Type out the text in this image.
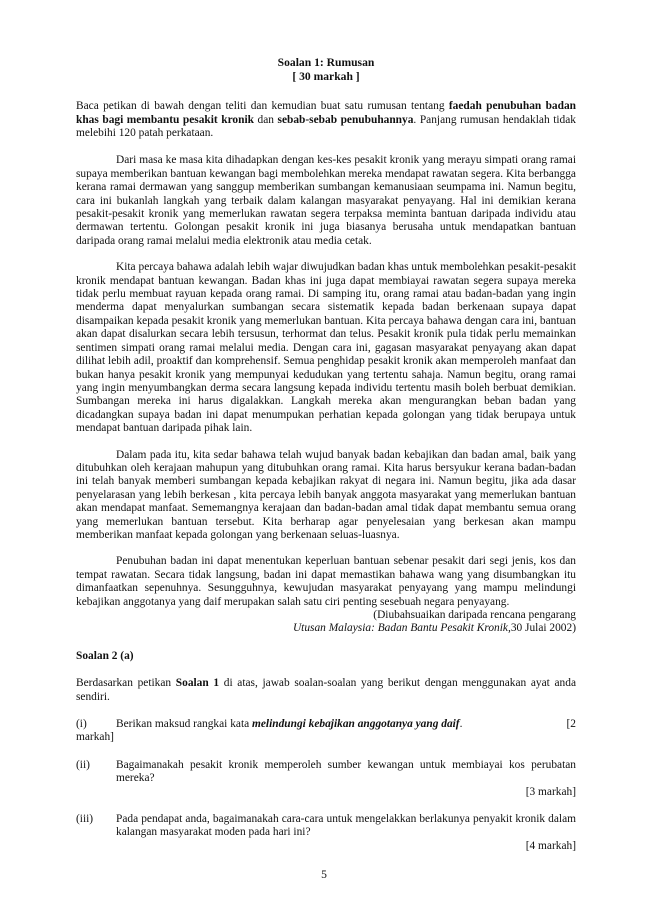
Soalan 1: Rumusan
[ 30 markah ]

Baca petikan di bawah dengan teliti dan kemudian buat satu rumusan tentang faedah penubuhan badan khas bagi membantu pesakit kronik dan sebab-sebab penubuhannya. Panjang rumusan hendaklah tidak melebihi 120 patah perkataan.

Dari masa ke masa kita dihadapkan dengan kes-kes pesakit kronik yang merayu simpati orang ramai supaya memberikan bantuan kewangan bagi membolehkan mereka mendapat rawatan segera. Kita berbangga kerana ramai dermawan yang sanggup memberikan sumbangan kemanusiaan seumpama ini. Namun begitu, cara ini bukanlah langkah yang terbaik dalam kalangan masyarakat penyayang. Hal ini demikian kerana pesakit-pesakit kronik yang memerlukan rawatan segera terpaksa meminta bantuan daripada individu atau dermawan tertentu. Golongan pesakit kronik ini juga biasanya berusaha untuk mendapatkan bantuan daripada orang ramai melalui media elektronik atau media cetak.

Kita percaya bahawa adalah lebih wajar diwujudkan badan khas untuk membolehkan pesakit-pesakit kronik mendapat bantuan kewangan. Badan khas ini juga dapat membiayai rawatan segera supaya mereka tidak perlu membuat rayuan kepada orang ramai. Di samping itu, orang ramai atau badan-badan yang ingin menderma dapat menyalurkan sumbangan secara sistematik kepada badan berkenaan supaya dapat disampaikan kepada pesakit kronik yang memerlukan bantuan. Kita percaya bahawa dengan cara ini, bantuan akan dapat disalurkan secara lebih tersusun, terhormat dan telus. Pesakit kronik pula tidak perlu memainkan sentimen simpati orang ramai melalui media. Dengan cara ini, gagasan masyarakat penyayang akan dapat dilihat lebih adil, proaktif dan komprehensif. Semua penghidap pesakit kronik akan memperoleh manfaat dan bukan hanya pesakit kronik yang mempunyai kedudukan yang tertentu sahaja. Namun begitu, orang ramai yang ingin menyumbangkan derma secara langsung kepada individu tertentu masih boleh berbuat demikian. Sumbangan mereka ini harus digalakkan. Langkah mereka akan mengurangkan beban badan yang dicadangkan supaya badan ini dapat menumpukan perhatian kepada golongan yang tidak berupaya untuk mendapat bantuan daripada pihak lain.

Dalam pada itu, kita sedar bahawa telah wujud banyak badan kebajikan dan badan amal, baik yang ditubuhkan oleh kerajaan mahupun yang ditubuhkan orang ramai. Kita harus bersyukur kerana badan-badan ini telah banyak memberi sumbangan kepada kebajikan rakyat di negara ini. Namun begitu, jika ada dasar penyelarasan yang lebih berkesan , kita percaya lebih banyak anggota masyarakat yang memerlukan bantuan akan mendapat manfaat. Sememangnya kerajaan dan badan-badan amal tidak dapat membantu semua orang yang memerlukan bantuan tersebut. Kita berharap agar penyelesaian yang berkesan akan mampu memberikan manfaat kepada golongan yang berkenaan seluas-luasnya.

Penubuhan badan ini dapat menentukan keperluan bantuan sebenar pesakit dari segi jenis, kos dan tempat rawatan. Secara tidak langsung, badan ini dapat memastikan bahawa wang yang disumbangkan itu dimanfaatkan sepenuhnya. Sesungguhnya, kewujudan masyarakat penyayang yang mampu melindungi kebajikan anggotanya yang daif merupakan salah satu ciri penting sesebuah negara penyayang.

(Diubahsuaikan daripada rencana pengarang
Utusan Malaysia: Badan Bantu Pesakit Kronik,30 Julai 2002)
Soalan 2 (a)

Berdasarkan petikan Soalan 1 di atas, jawab soalan-soalan yang berikut dengan menggunakan ayat anda sendiri.

(i)	Berikan maksud rangkai kata melindungi kebajikan anggotanya yang daif.	[2
markah]
(ii)	Bagaimanakah pesakit kronik memperoleh sumber kewangan untuk membiayai kos perubatan mereka?
[3 markah]
(iii)	Pada pendapat anda, bagaimanakah cara-cara untuk mengelakkan berlakunya penyakit kronik dalam kalangan masyarakat moden pada hari ini?
[4 markah]
5
